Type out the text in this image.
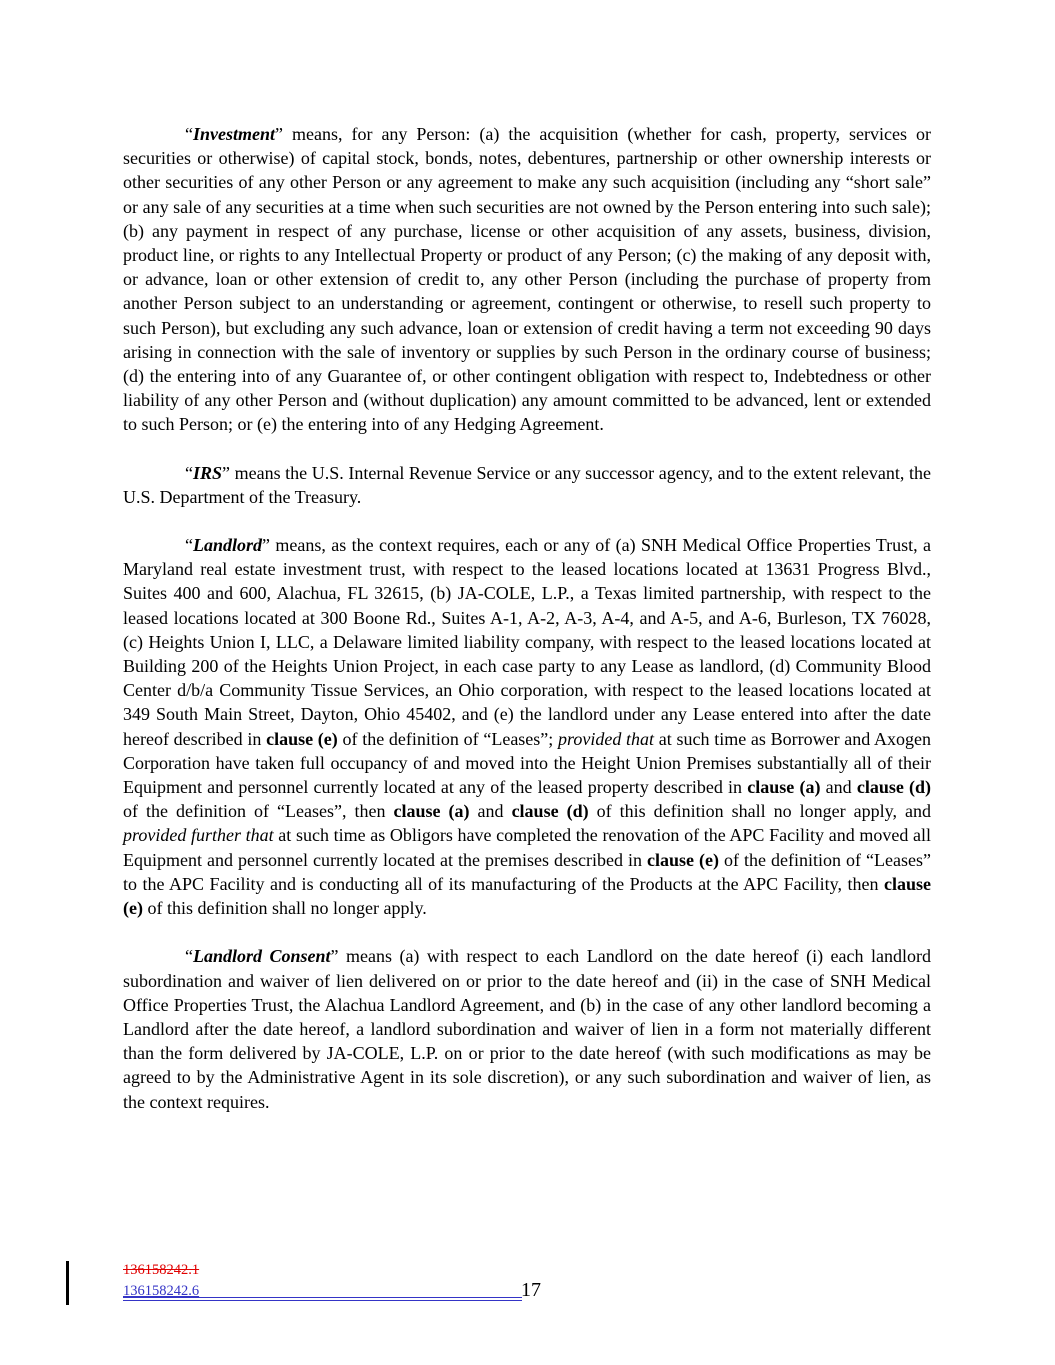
“Investment” means, for any Person: (a) the acquisition (whether for cash, property, services or securities or otherwise) of capital stock, bonds, notes, debentures, partnership or other ownership interests or other securities of any other Person or any agreement to make any such acquisition (including any “short sale” or any sale of any securities at a time when such securities are not owned by the Person entering into such sale); (b) any payment in respect of any purchase, license or other acquisition of any assets, business, division, product line, or rights to any Intellectual Property or product of any Person; (c) the making of any deposit with, or advance, loan or other extension of credit to, any other Person (including the purchase of property from another Person subject to an understanding or agreement, contingent or otherwise, to resell such property to such Person), but excluding any such advance, loan or extension of credit having a term not exceeding 90 days arising in connection with the sale of inventory or supplies by such Person in the ordinary course of business; (d) the entering into of any Guarantee of, or other contingent obligation with respect to, Indebtedness or other liability of any other Person and (without duplication) any amount committed to be advanced, lent or extended to such Person; or (e) the entering into of any Hedging Agreement.

“IRS” means the U.S. Internal Revenue Service or any successor agency, and to the extent relevant, the U.S. Department of the Treasury.

“Landlord” means, as the context requires, each or any of (a) SNH Medical Office Properties Trust, a Maryland real estate investment trust, with respect to the leased locations located at 13631 Progress Blvd., Suites 400 and 600, Alachua, FL 32615, (b) JA-COLE, L.P., a Texas limited partnership, with respect to the leased locations located at 300 Boone Rd., Suites A-1, A-2, A-3, A-4, and A-5, and A-6, Burleson, TX 76028, (c) Heights Union I, LLC, a Delaware limited liability company, with respect to the leased locations located at Building 200 of the Heights Union Project, in each case party to any Lease as landlord, (d) Community Blood Center d/b/a Community Tissue Services, an Ohio corporation, with respect to the leased locations located at 349 South Main Street, Dayton, Ohio 45402, and (e) the landlord under any Lease entered into after the date hereof described in clause (e) of the definition of “Leases”; provided that at such time as Borrower and Axogen Corporation have taken full occupancy of and moved into the Height Union Premises substantially all of their Equipment and personnel currently located at any of the leased property described in clause (a) and clause (d) of the definition of “Leases”, then clause (a) and clause (d) of this definition shall no longer apply, and provided further that at such time as Obligors have completed the renovation of the APC Facility and moved all Equipment and personnel currently located at the premises described in clause (e) of the definition of “Leases” to the APC Facility and is conducting all of its manufacturing of the Products at the APC Facility, then clause (e) of this definition shall no longer apply.

“Landlord Consent” means (a) with respect to each Landlord on the date hereof (i) each landlord subordination and waiver of lien delivered on or prior to the date hereof and (ii) in the case of SNH Medical Office Properties Trust, the Alachua Landlord Agreement, and (b) in the case of any other landlord becoming a Landlord after the date hereof, a landlord subordination and waiver of lien in a form not materially different than the form delivered by JA-COLE, L.P. on or prior to the date hereof (with such modifications as may be agreed to by the Administrative Agent in its sole discretion), or any such subordination and waiver of lien, as the context requires.

136158242.1
136158242.6	17
